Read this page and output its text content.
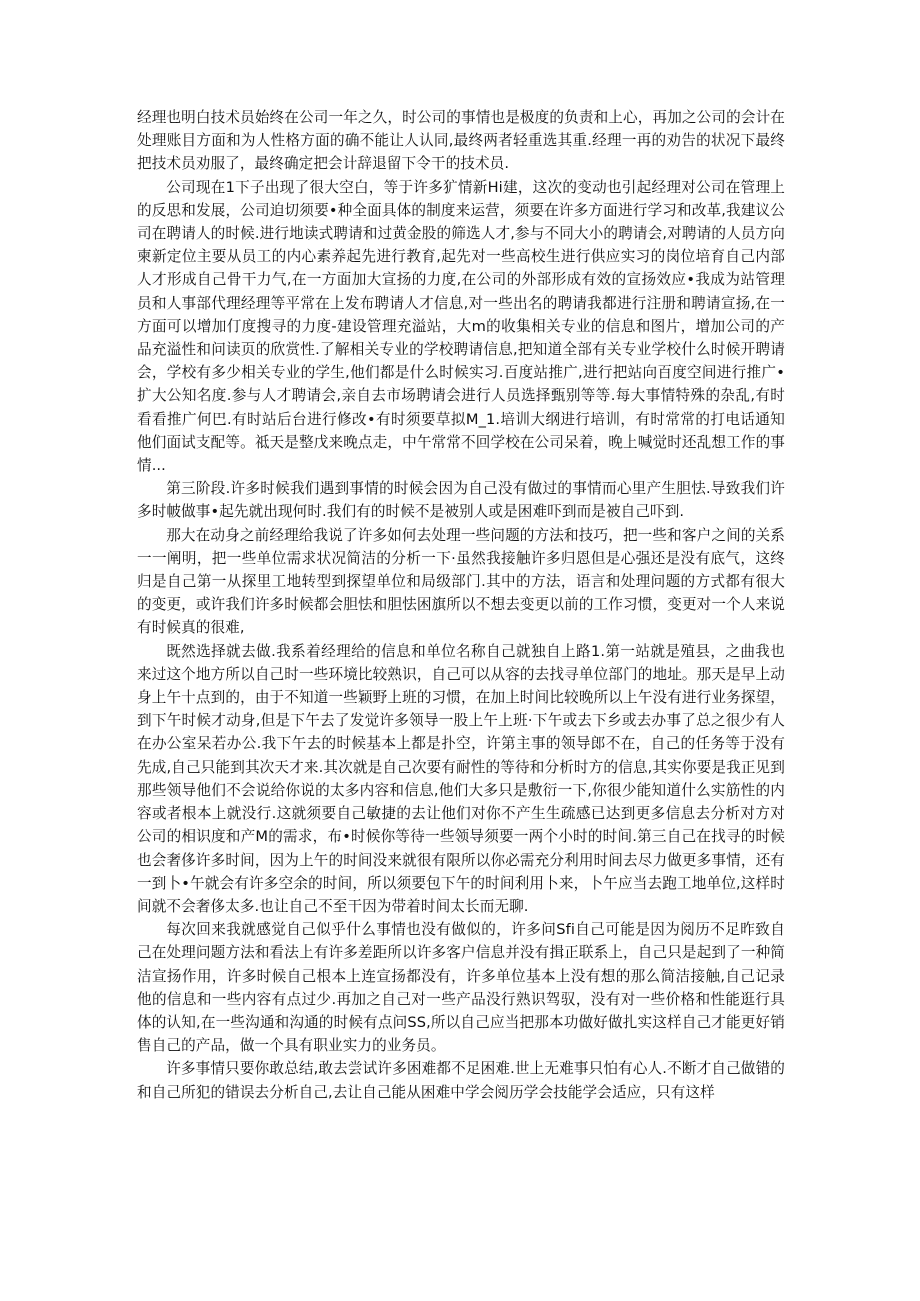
经理也明白技术员始终在公司一年之久，时公司的事情也是极度的负责和上心，再加之公司的会计在处理账目方面和为人性格方面的确不能让人认同,最终两者轻重选其重.经理一再的劝告的状况下最终把技术员劝服了，最终确定把会计辞退留下令干的技术员.

公司现在1下子出现了很大空白，等于许多犷情新Hi建，这次的变动也引起经理对公司在管理上的反思和发展，公司迫切须要•种全面具体的制度来运营，须要在许多方面进行学习和改革,我建议公司在聘请人的时候.进行地读式聘请和过黄金股的筛选人才,参与不同大小的聘请会,对聘请的人员方向柬新定位主要从员工的内心素养起先进行教育,起先对一些高校生进行供应实习的岗位培育自己内部人才形成自己骨干力气,在一方面加大宣扬的力度,在公司的外部形成有效的宣扬效应•我成为站管理员和人事部代理经理等平常在上发布聘请人才信息,对一些出名的聘请我都进行注册和聘请宣扬,在一方面可以增加仃度搜寻的力度-建设管理充溢站，大m的收集相关专业的信息和图片，增加公司的产品充溢性和问读页的欣赏性.了解相关专业的学校聘请信息,把知道全部有关专业学校什么时候开聘请会，学校有多少相关专业的学生,他们都是什么时候实习.百度站推广,进行把站向百度空间进行推广•扩大公知名度.参与人才聘请会,亲自去市场聘请会进行人员选择甄别等等.每大事情特殊的杂乱,有时看看推广何巴.有时站后台进行修改•有时须要草拟M_1.培训大纲进行培训，有时常常的打电话通知他们面试支配等。祗天是整戊来晚点走，中午常常不回学校在公司呆着，晚上喊觉时还乱想工作的事情...

第三阶段.许多时候我们遇到事情的时候会因为自己没有做过的事情而心里产生胆怯.导致我们许多时帔做事•起先就出现何时.我们有的时候不是被别人或是困难吓到而是被自己吓到.

那大在动身之前经理给我说了许多如何去处理一些问题的方法和技巧，把一些和客户之间的关系一一阐明，把一些单位需求状况简洁的分析一下·虽然我接触许多归恩但是心强还是没有底气，这终归是自己第一从探里工地转型到探望单位和局级部门.其中的方法，语言和处理问题的方式都有很大的变更，或许我们许多时候都会胆怯和胆怯困旗所以不想去变更以前的工作习惯，变更对一个人来说有时候真的很难,

既然选择就去做.我系着经理给的信息和单位名称自己就独自上路1.第一站就是殖县，之曲我也来过这个地方所以自己时一些环境比较熟识，自己可以从容的去找寻单位部门的地址。那天是早上动身上午十点到的，由于不知道一些颖野上班的习惯，在加上时间比较晚所以上午没有进行业务探望，到下午时候才动身,但是下午去了发觉许多领导一股上午上班·下午或去下乡或去办事了总之很少有人在办公室呆若办公.我下午去的时候基本上都是扑空，许第主事的领导郎不在，自己的任务等于没有先成,自己只能到其次天才来.其次就是自己次要有耐性的等待和分析时方的信息,其实你要是我正见到那些领导他们不会说给你说的太多内容和信息,他们大多只是敷衍一下,你很少能知道什么实筋性的内容或者根本上就没行.这就须要自己敏捷的去让他们对你不产生生疏感已达到更多信息去分析对方对公司的相识度和产M的需求，布•时候你等待一些领导须要一两个小时的时间.第三自己在找寻的时候也会奢侈许多时间，因为上午的时间没来就很有限所以你必需充分利用时间去尽力做更多事情，还有一到卜•午就会有许多空余的时间，所以须要包下午的时间利用卜来，卜午应当去跑工地单位,这样时间就不会奢侈太多.也让自己不至干因为带着时间太长而无聊.

每次回来我就感觉自己似乎什么事情也没有做似的，许多问Sfi自己可能是因为阅历不足昨致自己在处理问题方法和看法上有许多差距所以许多客户信息并没有揖正联系上，自己只是起到了一种简洁宣扬作用，许多时候自己根本上连宣扬都没有，许多单位基本上没有想的那么简洁接触,自己记录他的信息和一些内容有点过少.再加之自己对一些产品没行熟识驾驭，没有对一些价格和性能逛行具体的认知,在一些沟通和沟通的时候有点问SS,所以自己应当把那本功做好做扎实这样自己才能更好销售自己的产品，做一个具有职业实力的业务员。

许多事情只要你敢总结,敢去尝试许多困难都不足困难.世上无难事只怕有心人.不断才自己做错的和自己所犯的错误去分析自己,去让自己能从困难中学会阅历学会技能学会适应，只有这样
